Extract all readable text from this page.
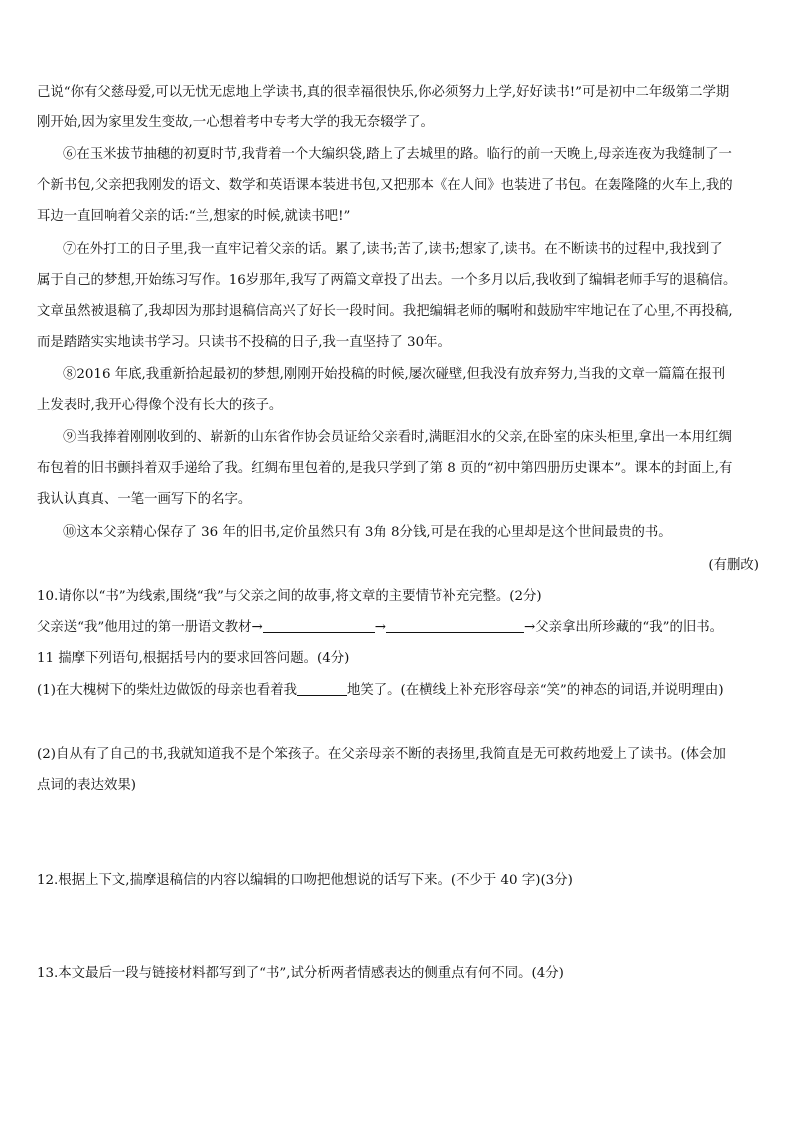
己说“你有父慈母爱,可以无忧无虑地上学读书,真的很幸福很快乐,你必须努力上学,好好读书!”可是初中二年级第二学期
刚开始,因为家里发生变故,一心想着考中专考大学的我无奈辍学了。
⑥在玉米拔节抽穗的初夏时节,我背着一个大编织袋,踏上了去城里的路。临行的前一天晚上,母亲连夜为我缝制了一
个新书包,父亲把我刚发的语文、数学和英语课本装进书包,又把那本《在人间》也装进了书包。在轰隆隆的火车上,我的
耳边一直回响着父亲的话:“兰,想家的时候,就读书吧!”
⑦在外打工的日子里,我一直牢记着父亲的话。累了,读书;苦了,读书;想家了,读书。在不断读书的过程中,我找到了
属于自己的梦想,开始练习写作。16岁那年,我写了两篇文章投了出去。一个多月以后,我收到了编辑老师手写的退稿信。
文章虽然被退稿了,我却因为那封退稿信高兴了好长一段时间。我把编辑老师的嘱咐和鼓励牢牢地记在了心里,不再投稿,
而是踏踏实实地读书学习。只读书不投稿的日子,我一直坚持了 30年。
⑧2016 年底,我重新拾起最初的梦想,刚刚开始投稿的时候,屡次碰壁,但我没有放弃努力,当我的文章一篇篇在报刊
上发表时,我开心得像个没有长大的孩子。
⑨当我捧着刚刚收到的、崭新的山东省作协会员证给父亲看时,满眶泪水的父亲,在卧室的床头柜里,拿出一本用红绸
布包着的旧书颤抖着双手递给了我。红绸布里包着的,是我只学到了第 8 页的“初中第四册历史课本”。课本的封面上,有
我认认真真、一笔一画写下的名字。
⑩这本父亲精心保存了 36 年的旧书,定价虽然只有 3角 8分钱,可是在我的心里却是这个世间最贵的书。
(有删改)
10.请你以“书”为线索,围绕“我”与父亲之间的故事,将文章的主要情节补充完整。(2分)
父亲送“我”他用过的第一册语文教材→	→	→父亲拿出所珍藏的“我”的旧书。
11 揣摩下列语句,根据括号内的要求回答问题。(4分)
(1)在大槐树下的柴灶边做饭的母亲也看着我	地笑了。(在横线上补充形容母亲“笑”的神态的词语,并说明理由)
(2)自从有了自己的书,我就知道我不是个笨孩子。在父亲母亲不断的表扬里,我简直是无可救药地爱上了读书。(体会加
点词的表达效果)
12.根据上下文,揣摩退稿信的内容以编辑的口吻把他想说的话写下来。(不少于 40 字)(3分)
13.本文最后一段与链接材料都写到了“书”,试分析两者情感表达的侧重点有何不同。(4分)
